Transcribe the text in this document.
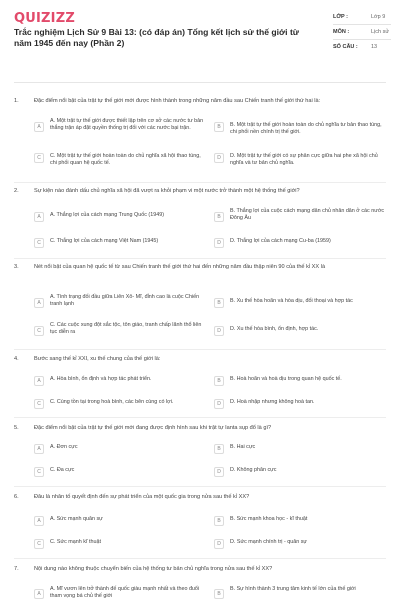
QUIZIZZ
Trắc nghiệm Lịch Sử 9 Bài 13: (có đáp án) Tổng kết lịch sử thế giới từ năm 1945 đến nay (Phần 2)
LỚP :	Lớp 9
MÔN :	Lịch sử
SỐ CÂU : 13
1.	Đặc điểm nổi bật của trật tự thế giới mới được hình thành trong những năm đầu sau Chiến tranh thế giới thứ hai là:
A
A. Một trật tự thế giới được thiết lập trên cơ sở các nước tư bản thắng trận áp đặt quyền thống trị đối với các nước bại trận.	B	B. Một trật tự thế giới hoàn toàn do chủ nghĩa tư bản thao túng, chi phối nền chính trị thế giới.
C	C. Một trật tự thế giới hoàn toàn do chủ nghĩa xã hội thao túng, chi phối quan hệ quốc tế.
D	D. Một trật tự thế giới có sự phân cực giữa hai phe xã hội chủ nghĩa và tư bản chủ nghĩa.
2.	Sự kiện nào đánh dấu chủ nghĩa xã hội đã vượt ra khỏi phạm vi một nước trở thành một hệ thống thế giới?
A	A. Thắng lợi của cách mạng Trung Quốc (1949)	B
B. Thắng lợi của cuộc cách mạng dân chủ nhân dân ở các nước Đông Âu
C	C. Thắng lợi của cách mạng Việt Nam (1945)	D	D. Thắng lợi của cách mạng Cu-ba (1959)
3.	Nét nổi bật của quan hệ quốc tế từ sau Chiến tranh thế giới thứ hai đến những năm đầu thập niên 90 của thế kỉ XX là
A
A. Tình trạng đối đầu giữa Liên Xô- Mĩ, đỉnh cao là cuộc Chiến tranh lạnh	B	B. Xu thế hòa hoãn và hòa dịu, đối thoại và hợp tác
C
C. Các cuộc xung đột sắc tộc, tôn giáo, tranh chấp lãnh thổ liên tục diễn ra	D	D. Xu thế hòa bình, ổn định, hợp tác.
4.	Bước sang thế kỉ XXI, xu thế chung của thế giới là:
A	A. Hòa bình, ổn định và hợp tác phát triển.	B	B. Hoà hoãn và hoà dịu trong quan hệ quốc tế.
C	C. Cùng tồn tại trong hoà bình, các bên cùng có lợi.	D	D. Hoà nhập nhưng không hoà tan.
5.	Đặc điểm nổi bật của trật tự thế giới mới đang được định hình sau khi trật tự Ianta sụp đổ là gì?
A	A. Đơn cực	B	B. Hai cực
C	C. Đa cực	D	D. Không phân cực
6.	Đâu là nhân tố quyết định đến sự phát triển của một quốc gia trong nửa sau thế kỉ XX?
A	A. Sức mạnh quân sự	B	B. Sức mạnh khoa học - kĩ thuật
C	C. Sức mạnh kĩ thuật	D	D. Sức mạnh chính trị - quân sự
7.	Nội dung nào không thuộc chuyển biến của hệ thống tư bản chủ nghĩa trong nửa sau thế kỉ XX?
A
A. Mĩ vươn lên trở thành đế quốc giàu mạnh nhất và theo đuổi tham vọng bá chủ thế giới	B
B. Sự hình thành 3 trung tâm kinh tế lớn của thế giới
